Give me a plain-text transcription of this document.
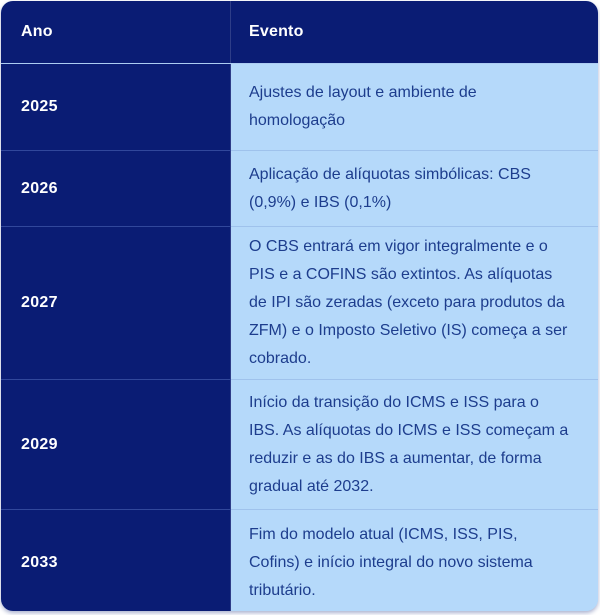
Ano	Evento
2025
Ajustes de layout e ambiente de homologação
2026
Aplicação de alíquotas simbólicas: CBS (0,9%) e IBS (0,1%)
2027
O CBS entrará em vigor integralmente e o PIS e a COFINS são extintos. As alíquotas de IPI são zeradas (exceto para produtos da ZFM) e o Imposto Seletivo (IS) começa a ser cobrado.
2029
Início da transição do ICMS e ISS para o IBS. As alíquotas do ICMS e ISS começam a reduzir e as do IBS a aumentar, de forma gradual até 2032.
2033
Fim do modelo atual (ICMS, ISS, PIS, Cofins) e início integral do novo sistema tributário.
